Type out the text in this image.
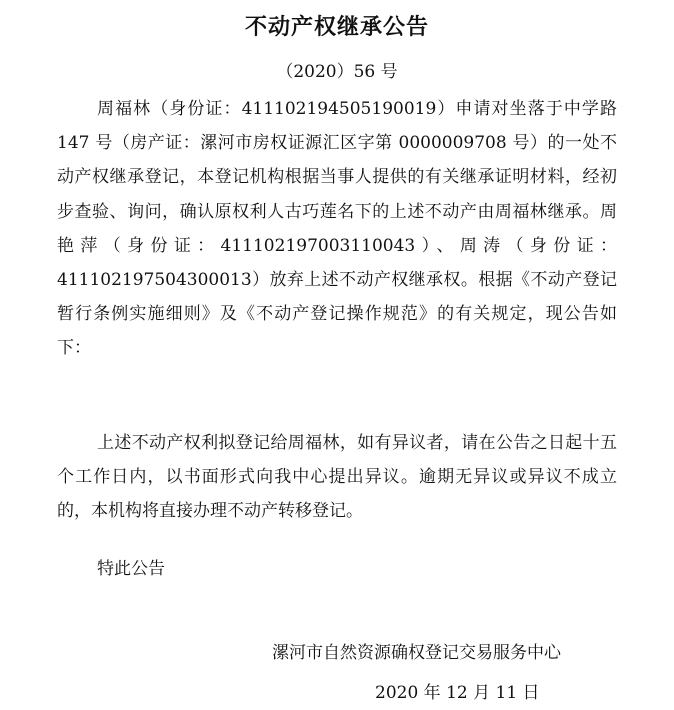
不动产权继承公告
（2020）56 号

周福林（身份证：411102194505190019）申请对坐落于中学路 147 号（房产证：漯河市房权证源汇区字第 0000009708 号）的一处不动产权继承登记，本登记机构根据当事人提供的有关继承证明材料，经初步查验、询问，确认原权利人古巧莲名下的上述不动产由周福林继承。周艳萍（身份证：411102197003110043）、周涛（身份证：411102197504300013）放弃上述不动产权继承权。根据《不动产登记暂行条例实施细则》及《不动产登记操作规范》的有关规定，现公告如下：

上述不动产权利拟登记给周福林，如有异议者，请在公告之日起十五个工作日内，以书面形式向我中心提出异议。逾期无异议或异议不成立的，本机构将直接办理不动产转移登记。

特此公告
漯河市自然资源确权登记交易服务中心
2020 年 12 月 11 日
